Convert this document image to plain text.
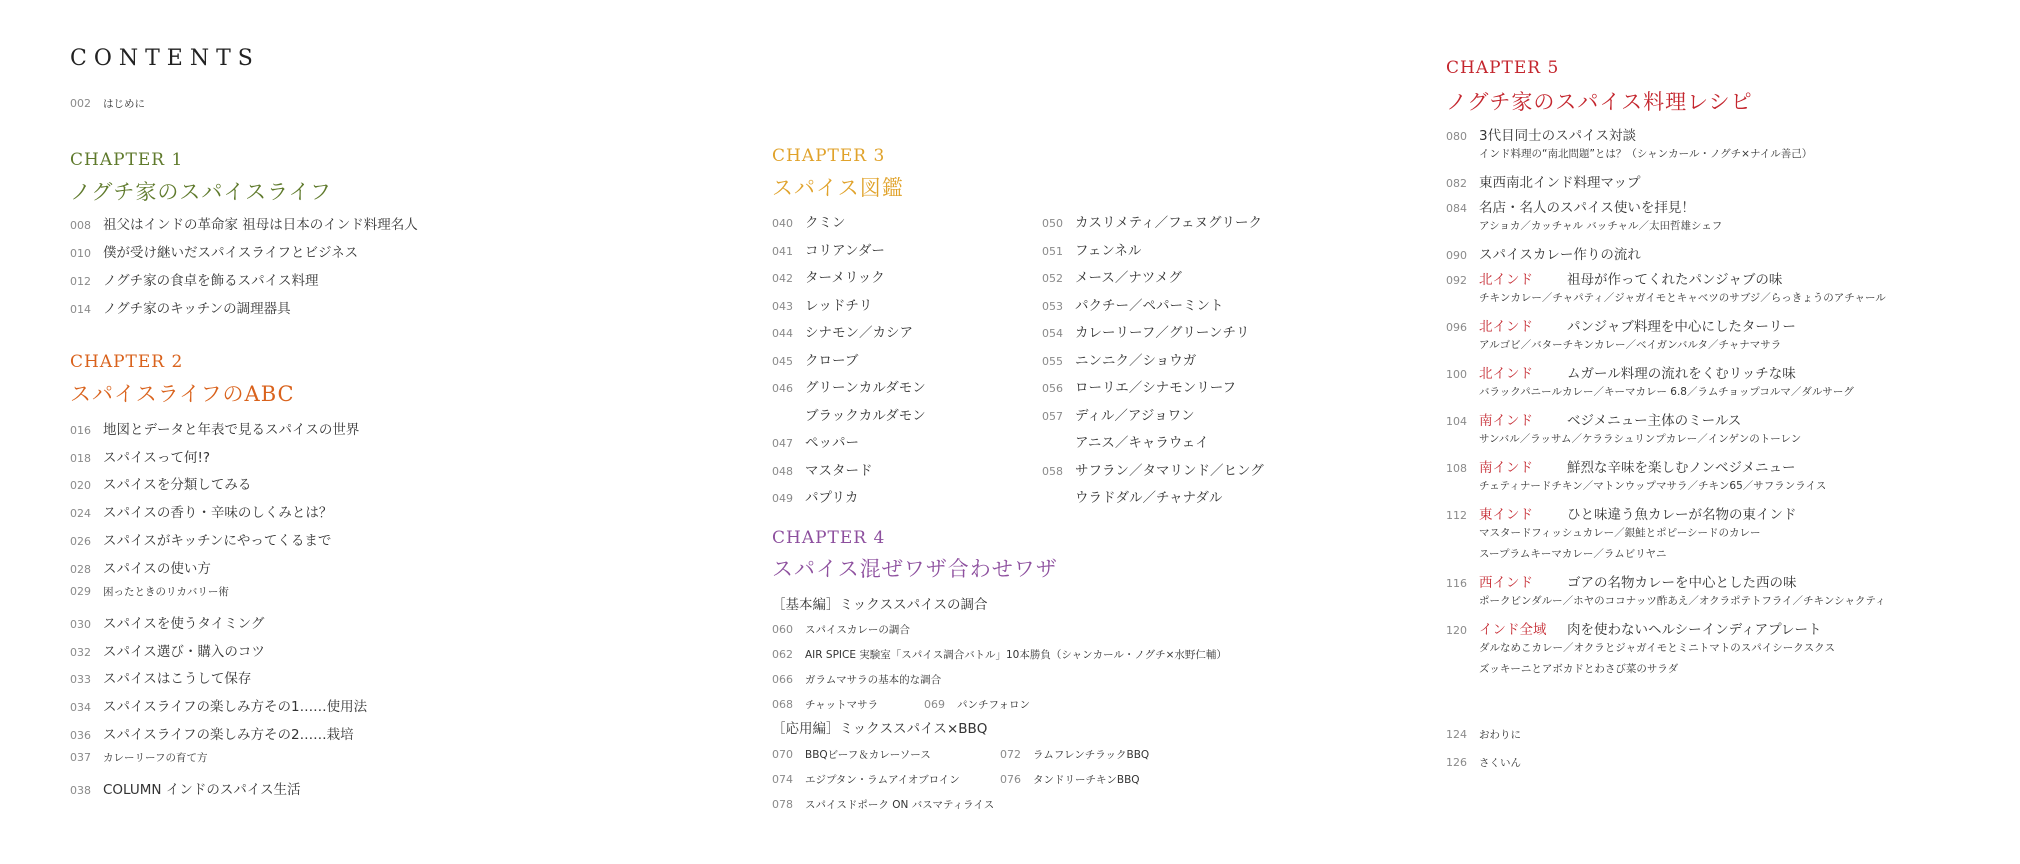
CONTENTS
002 はじめに
CHAPTER 1
ノグチ家のスパイスライフ
008 祖父はインドの革命家 祖母は日本のインド料理名人
010 僕が受け継いだスパイスライフとビジネス
012 ノグチ家の食卓を飾るスパイス料理
014 ノグチ家のキッチンの調理器具
CHAPTER 2
スパイスライフのABC
016 地図とデータと年表で見るスパイスの世界
018 スパイスって何!?
020 スパイスを分類してみる
024 スパイスの香り・辛味のしくみとは？
026 スパイスがキッチンにやってくるまで
028 スパイスの使い方
029 困ったときのリカバリー術
030 スパイスを使うタイミング
032 スパイス選び・購入のコツ
033 スパイスはこうして保存
034 スパイスライフの楽しみ方その1……使用法
036 スパイスライフの楽しみ方その2……栽培
037 カレーリーフの育て方
038 COLUMN インドのスパイス生活
CHAPTER 3
スパイス図鑑
040 クミン
041 コリアンダー
042 ターメリック
043 レッドチリ
044 シナモン／カシア
045 クローブ
046 グリーンカルダモン
ブラックカルダモン
047 ペッパー
048 マスタード
049 パプリカ
050 カスリメティ／フェヌグリーク
051 フェンネル
052 メース／ナツメグ
053 パクチー／ペパーミント
054 カレーリーフ／グリーンチリ
055 ニンニク／ショウガ
056 ローリエ／シナモンリーフ
057 ディル／アジョワン
アニス／キャラウェイ
058 サフラン／タマリンド／ヒング
ウラドダル／チャナダル
CHAPTER 4
スパイス混ぜワザ合わせワザ
［基本編］ミックススパイスの調合
060 スパイスカレーの調合
062 AIR SPICE 実験室「スパイス調合バトル」10本勝負（シャンカール・ノグチ×水野仁輔）
066 ガラムマサラの基本的な調合
068 チャットマサラ	069 パンチフォロン
070 BBQビーフ＆カレーソース	072 ラムフレンチラックBBQ
074 エジプタン・ラムアイオブロイン	076 タンドリーチキンBBQ
078 スパイスドポーク ON バスマティライス
［応用編］ミックススパイス×BBQ
CHAPTER 5
ノグチ家のスパイス料理レシピ
080 3代目同士のスパイス対談
インド料理の“南北問題”とは？（シャンカール・ノグチ×ナイル善己）
082 東西南北インド料理マップ
084 名店・名人のスパイス使いを拝見！
アショカ／カッチャル バッチャル／太田哲雄シェフ
090 スパイスカレー作りの流れ
092 北インド	祖母が作ってくれたパンジャブの味
チキンカレー／チャパティ／ジャガイモとキャベツのサブジ／らっきょうのアチャール
096 北インド	パンジャブ料理を中心にしたターリー
アルゴビ／バターチキンカレー／ベイガンバルタ／チャナマサラ
100 北インド	ムガール料理の流れをくむリッチな味
バラックパニールカレー／キーマカレー 6.8／ラムチョップコルマ／ダルサーグ
104 南インド	ベジメニュー主体のミールス
サンバル／ラッサム／ケララシュリンプカレー／インゲンのトーレン
108 南インド	鮮烈な辛味を楽しむノンベジメニュー
チェティナードチキン／マトンウップマサラ／チキン65／サフランライス
112 東インド	ひと味違う魚カレーが名物の東インド
マスタードフィッシュカレー／銀鮭とポピーシードのカレー
スープラムキーマカレー／ラムビリヤニ
116 西インド	ゴアの名物カレーを中心とした西の味
ポークビンダルー／ホヤのココナッツ酢あえ／オクラポテトフライ／チキンシャクティ
120 インド全域 肉を使わないヘルシーインディアプレート
ダルなめこカレー／オクラとジャガイモとミニトマトのスパイシークスクス
ズッキーニとアボカドとわさび菜のサラダ
124 おわりに
126 さくいん
